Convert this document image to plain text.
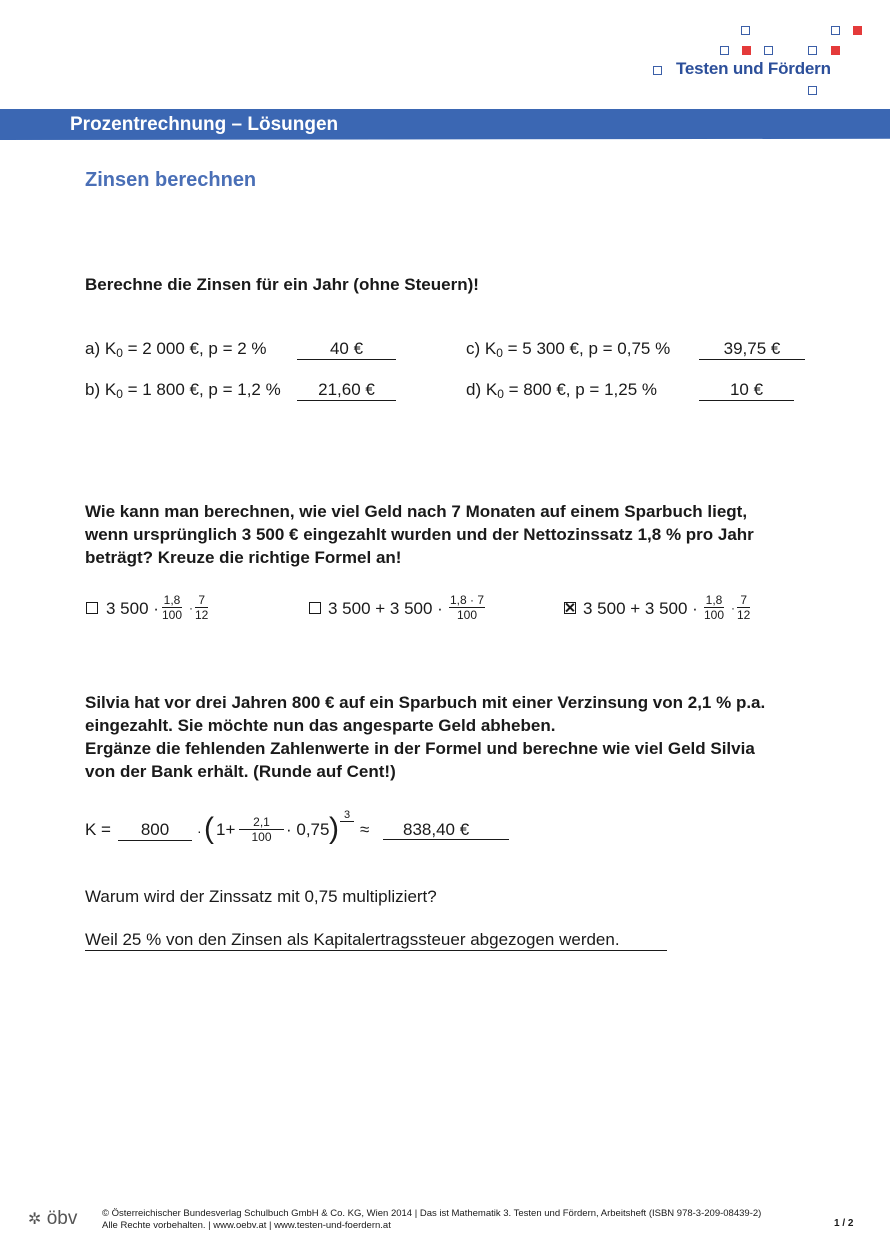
Testen und Fördern
Prozentrechnung – Lösungen
Zinsen berechnen
Berechne die Zinsen für ein Jahr (ohne Steuern)!
a) $K_0 = 2$ 000 €, p = 2 %	40 €
b) $K_0 = 1$ 800 €, p = 1,2 %	21,60 €
c) $K_0 = 5$ 300 €, p = 0,75 %	39,75 €
d) $K_0 = 800$ €, p = 1,25 %	10 €
Wie kann man berechnen, wie viel Geld nach 7 Monaten auf einem Sparbuch liegt,
wenn ursprünglich 3 500 € eingezahlt wurden und der Nettozinssatz 1,8 % pro Jahr
beträgt? Kreuze die richtige Formel an!
3 $500 \cdot \frac{1,8}{100} \cdot \frac{7}{12}$	3 500 + 3 $500 \cdot \frac{1,8 \cdot 7}{100}$	3 500 + 3 $500 \cdot \frac{1,8}{100} \cdot \frac{7}{12}$
Silvia hat vor drei Jahren 800 € auf ein Sparbuch mit einer Verzinsung von 2,1 % p.a.
eingezahlt. Sie möchte nun das angesparte Geld abheben.
Ergänze die fehlenden Zahlenwerte in der Formel und berechne wie viel Geld Silvia
von der Bank erhält. (Runde auf Cent!)
K =	800	· ( $1+ \frac{2,1}{100} \cdot 0,75$ ) 3
≈	838,40 €
Warum wird der Zinssatz mit 0,75 multipliziert?
Weil 25 % von den Zinsen als Kapitalertragssteuer abgezogen werden.
✲ öbv	© Österreichischer Bundesverlag Schulbuch GmbH & Co. KG, Wien 2014 | Das ist Mathematik 3. Testen und Fördern, Arbeitsheft (ISBN 978-3-209-08439-2)
Alle Rechte vorbehalten. | www.oebv.at | www.testen-und-foerdern.at	1 / 2
